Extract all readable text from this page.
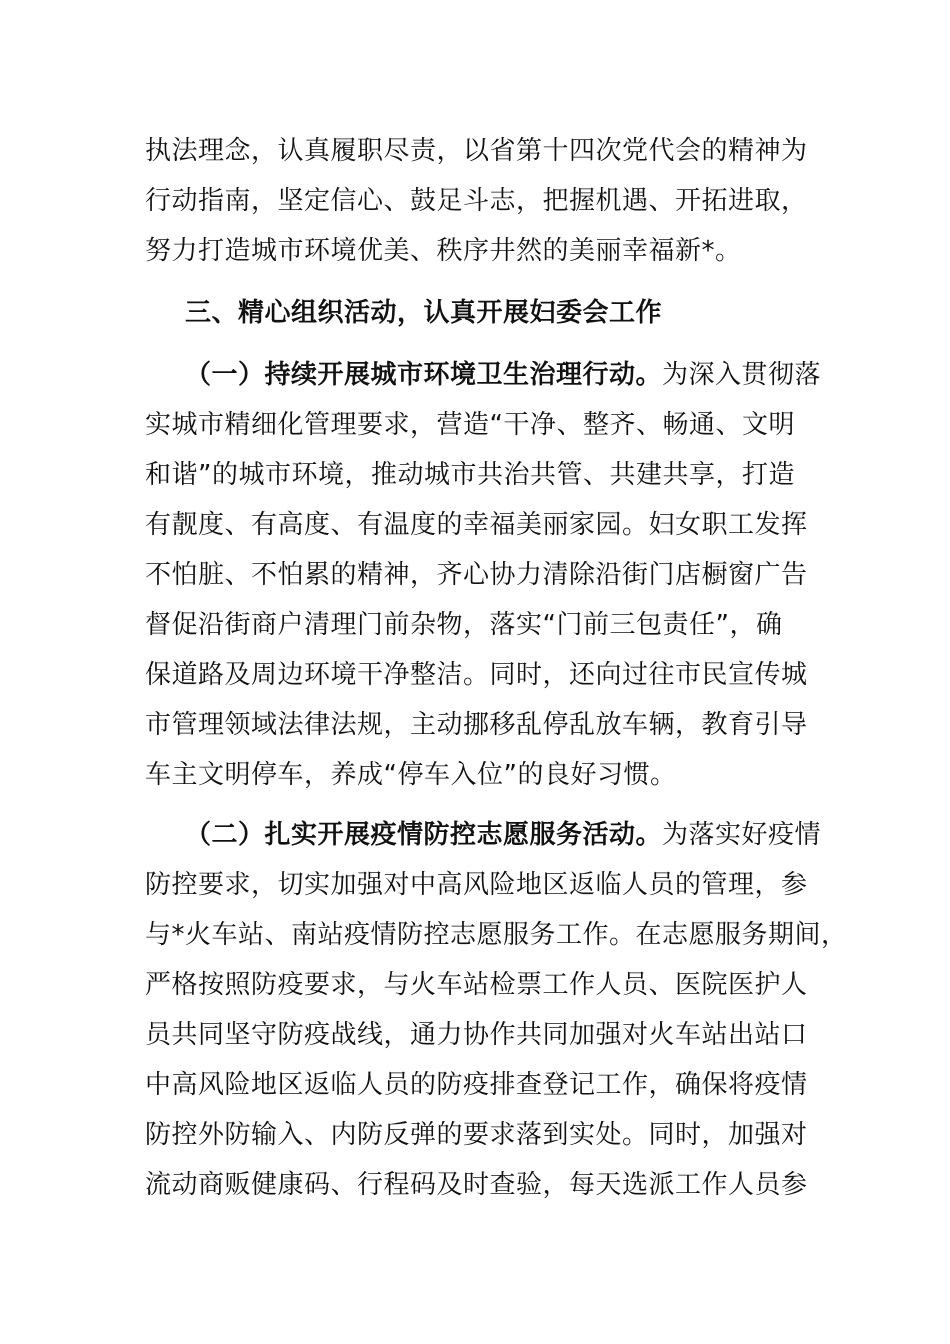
执法理念，认真履职尽责，以省第十四次党代会的精神为
行动指南，坚定信心、鼓足斗志，把握机遇、开拓进取，
努力打造城市环境优美、秩序井然的美丽幸福新*。
三、精心组织活动，认真开展妇委会工作
（一）持续开展城市环境卫生治理行动。为深入贯彻落
实城市精细化管理要求，营造“干净、整齐、畅通、文明
和谐”的城市环境，推动城市共治共管、共建共享，打造
有靓度、有高度、有温度的幸福美丽家园。妇女职工发挥
不怕脏、不怕累的精神，齐心协力清除沿街门店橱窗广告
督促沿街商户清理门前杂物，落实“门前三包责任”，确
保道路及周边环境干净整洁。同时，还向过往市民宣传城
市管理领域法律法规，主动挪移乱停乱放车辆，教育引导
车主文明停车，养成“停车入位”的良好习惯。
（二）扎实开展疫情防控志愿服务活动。为落实好疫情
防控要求，切实加强对中高风险地区返临人员的管理，参
与*火车站、南站疫情防控志愿服务工作。在志愿服务期间，
严格按照防疫要求，与火车站检票工作人员、医院医护人
员共同坚守防疫战线，通力协作共同加强对火车站出站口
中高风险地区返临人员的防疫排查登记工作，确保将疫情
防控外防输入、内防反弹的要求落到实处。同时，加强对
流动商贩健康码、行程码及时查验，每天选派工作人员参
